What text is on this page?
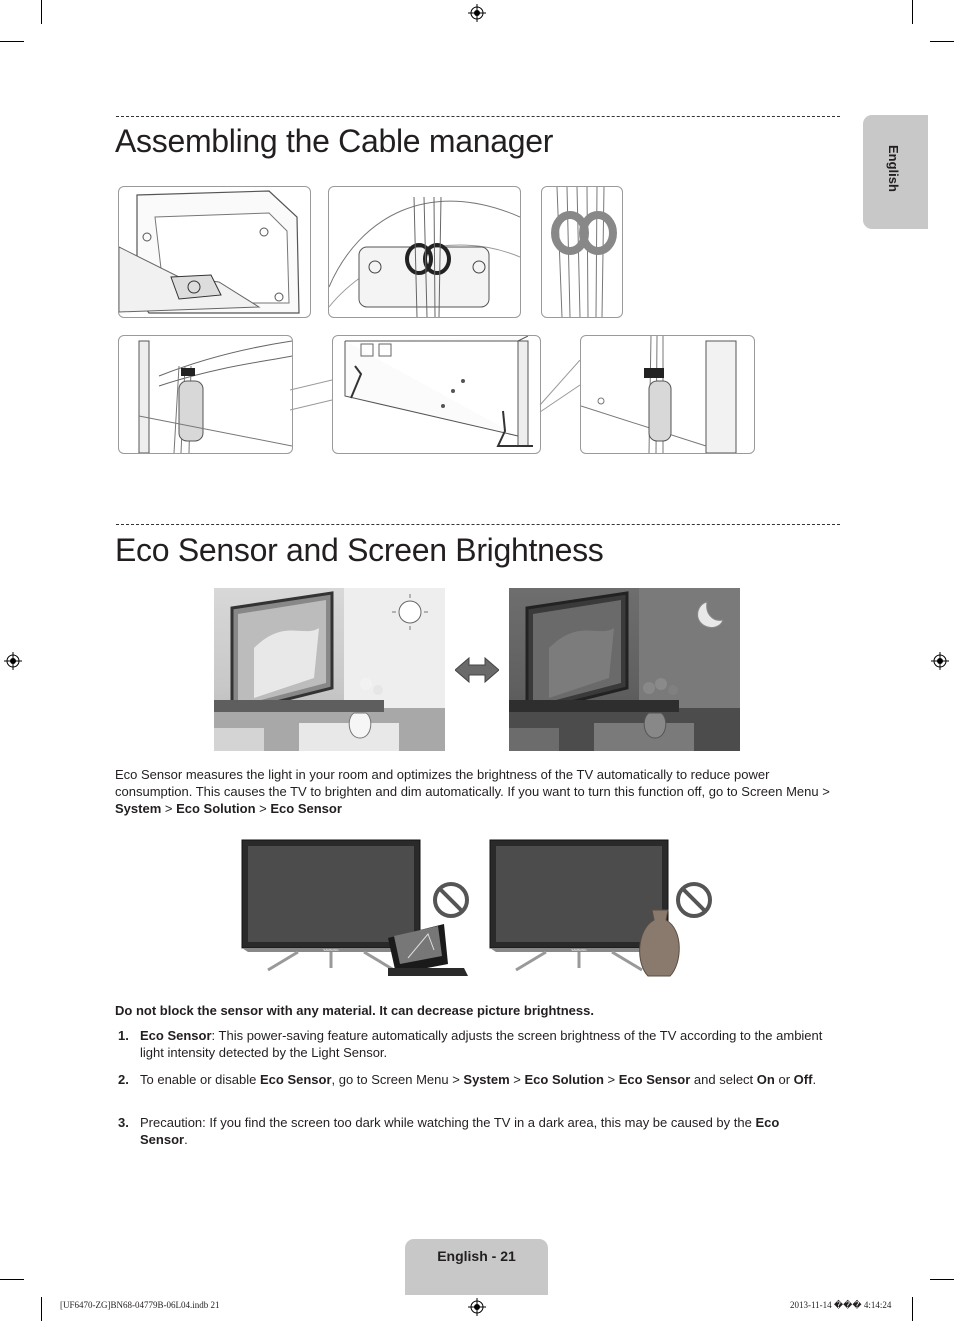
English
Assembling the Cable manager
Eco Sensor and Screen Brightness

Eco Sensor measures the light in your room and optimizes the brightness of the TV automatically to reduce power consumption. This causes the TV to brighten and dim automatically. If you want to turn this function off, go to Screen Menu > System > Eco Solution > Eco Sensor

SAMSUNG	SAMSUNG

Do not block the sensor with any material. It can decrease picture brightness.

1. Eco Sensor: This power-saving feature automatically adjusts the screen brightness of the TV according to the ambient light intensity detected by the Light Sensor.
2. To enable or disable Eco Sensor, go to Screen Menu > System > Eco Solution > Eco Sensor and select On or Off.
3. Precaution: If you find the screen too dark while watching the TV in a dark area, this may be caused by the Eco Sensor.
English - 21
[UF6470-ZG]BN68-04779B-06L04.indb 21	2013-11-14 ��� 4:14:24
